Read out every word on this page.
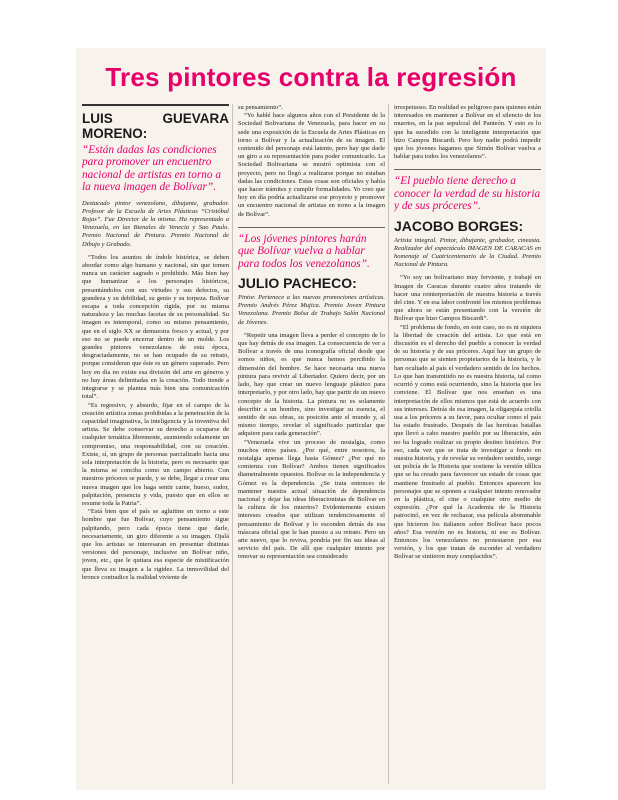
Tres pintores contra la regresión
LUIS GUEVARA MORENO:
“Están dadas las condiciones para promover un encuentro nacional de artistas en torno a la nueva imagen de Bolívar”.
Destacado pintor venezolano, dibujante, grabador. Profesor de la Escuela de Artes Plásticas “Cristóbal Rojas”. Fue Director de la misma. Ha representado a Venezuela, en las Bienales de Venecia y Sao Paulo. Premio Nacional de Pintura. Premio Nacional de Dibujo y Grabado.

“Todos los asuntos de índole histórica, se deben abordar como algo humano y nacional, sin que tomen nunca un carácter sagrado o prohibido. Más bien hay que humanizar a los personajes históricos, presentándolos con sus virtudes y sus defectos, su grandeza y su debilidad, su genio y su torpeza. Bolívar escapa a toda concepción rígida, por su misma naturaleza y las muchas facetas de su personalidad. Su imagen es intemporal, como su mismo pensamiento, que en el siglo XX se demuestra fresco y actual, y por eso no se puede encerrar dentro de un molde. Los grandes pintores venezolanos de esta época, desgraciadamente, no se han ocupado de su retrato, porque consideran que éste es un género superado. Pero hoy en día no existe esa división del arte en géneros y no hay áreas delimitadas en la creación. Todo tiende a integrarse y se plantea más bien una comunicación total”.

“Es regresivo, y absurdo, fijar en el campo de la creación artística zonas prohibidas a la penetración de la capacidad imaginativa, la inteligencia y la inventiva del artista. Se debe conservar su derecho a ocuparse de cualquier temática libremente, asumiendo solamente un compromiso, una responsabilidad, con su creación. Existe, sí, un grupo de personas parcializado hacia una sola interpretación de la historia, pero es necesario que la misma se conciba como un campo abierto. Con nuestros próceres se puede, y se debe, llegar a crear una nueva imagen que los haga sentir carne, hueso, sudor, palpitación, presencia y vida, puesto que en ellos se resume toda la Patria”.

“Está bien que el país se agluitine en torno a este hombre que fue Bolívar, cuyo pensamiento sigue palpitando, pero cada época tiene que darle, necesariamente, un giro diferente a su imagen. Ojalá que los artistas se interesaran en presentar distintas versiones del personaje, inclusive un Bolívar niño, joven, etc., que le quitara esa especie de mistificación que lleva su imagen a la rigidez. La inmovilidad del bronce contradice la realidad viviente de

su pensamiento”.

“Yo hablé hace algunos años con el Presidente de la Sociedad Bolivariana de Venezuela, para hacer en su sede una exposición de la Escuela de Artes Plásticas en torno a Bolívar y la actualización de su imagen. El contenido del personaje está latente, pero hay que darle un giro a su representación para poder comunicarlo. La Sociedad Bolivariana se mostró optimista con el proyecto, pero no llegó a realizarse porque no estaban dadas las condiciones. Estas cosas son oficiales y había que hacer trámites y cumplir formalidades. Yo creo que hoy en día podría actualizarse ese proyecto y promover un encuentro nacional de artistas en torno a la imagen de Bolívar”.

“Los jóvenes pintores harán que Bolívar vuelva a hablar para todos los venezolanos”.
JULIO PACHECO:
Pintor. Pertenece a las nuevas promociones artísticas. Premio Andrés Pérez Mujica. Premio Joven Pintura Venezolana. Premio Bolsa de Trabajo Salón Nacional de Jóvenes.

“Repetir una imagen lleva a perder el concepto de lo que hay detrás de esa imagen. La consecuencia de ver a Bolívar a través de una iconografía oficial desde que somos niños, es que nunca hemos percibido la dimensión del hombre. Se hace necesaria una nueva pintura para revivir al Libertador. Quiero decir, por un lado, hay que crear un nuevo lenguaje plástico para interpretarlo, y por otro lado, hay que partir de un nuevo concepto de la historia. La pintura no es solamente describir a un hombre, sino investigar su esencia, el sentido de sus obras, su posición ante el mundo y, al mismo tiempo, revelar el significado particular que adquiere para cada generación”.

“Venezuela vive un proceso de nostalgia, como muchos otros países. ¿Por qué, entre nosotros, la nostalgia apenas llega hasta Gómez? ¿Por qué no comienza con Bolívar? Ambos tienen significados diametralmente opuestos. Bolívar es la independencia y Gómez es la dependencia. ¿Se trata entonces de mantener nuestra actual situación de dependencia nacional y dejar las ideas liberacionistas de Bolívar en la cultura de los muertos? Evidentemente existen intereses creados que utilizan tendenciosamente el pensamiento de Bolívar y lo esconden detrás de esa máscara oficial que le han puesto a su retrato. Pero un arte nuevo, que lo reviva, pondría por fin sus ideas al servicio del país. De allí que cualquier intento por renovar su representación sea considerado

irrespetuoso. En realidad es peligroso para quienes están interesados en mantener a Bolívar en el silencio de los muertos, en la paz sepulcral del Panteón. Y esto es lo que ha sucedido con la inteligente interpretación que hizo Campos Biscardi. Pero hoy nadie podrá impedir que los jóvenes hagamos que Simón Bolívar vuelva a hablar para todos los venezolanos”.

“El pueblo tiene derecho a conocer la verdad de su historia y de sus próceres”.
JACOBO BORGES:
Artista integral. Pintor, dibujante, grabador, cineasta. Realizador del espectáculo IMAGEN DE CARACAS en homenaje al Cuatricentenario de la Ciudad. Premio Nacional de Pintura.

“Yo soy un bolivariano muy ferviente, y trabajé en Imagen de Caracas durante cuatro años tratando de hacer una reinterpretación de nuestra historia a través del cine. Y en esa labor confronté los mismos problemas que ahora se están presentando con la versión de Bolívar que hizo Campos Biscardi”.

“El problema de fondo, en este caso, no es ni siquiera la libertad de creación del artista. Lo que está en discusión es el derecho del pueblo a conocer la verdad de su historia y de sus próceres. Aquí hay un grupo de personas que se sienten propietarios de la historia, y le han ocultado al país el verdadero sentido de los hechos. Lo que han transmitido no es nuestra historia, tal como ocurrió y como está ocurriendo, sino la historia que les conviene. El Bolívar que nos enseñan es una interpretación de ellos mismos que está de acuerdo con sus intereses. Detrás de esa imagen, la oligarquía criolla usa a los próceres a su favor, para ocultar como el país ha estado frustrado. Después de las heroicas batallas que llevó a cabo nuestro pueblo por su liberación, aún no ha logrado realizar su propio destino histórico. Por eso, cada vez que se trata de investigar a fondo en nuestra historia, y de revelar su verdadero sentido, surge un policía de la Historia que sostiene la versión idílica que se ha creado para favorecer un estado de cosas que mantiene frustrado al pueblo. Entonces aparecen los personajes que se oponen a cualquier intento renovador en la plástica, el cine o cualquier otro medio de expresión. ¿Por qué la Academia de la Historia patrocinó, en vez de rechazar, esa película abominable que hicieron los italianos sobre Bolívar hace pocos años? Esa versión no es historia, ni ese es Bolívar. Entonces los venezolanos no protestaron por esa versión, y los que tratan de esconder al verdadero Bolívar se sintieron muy complacidos”.
